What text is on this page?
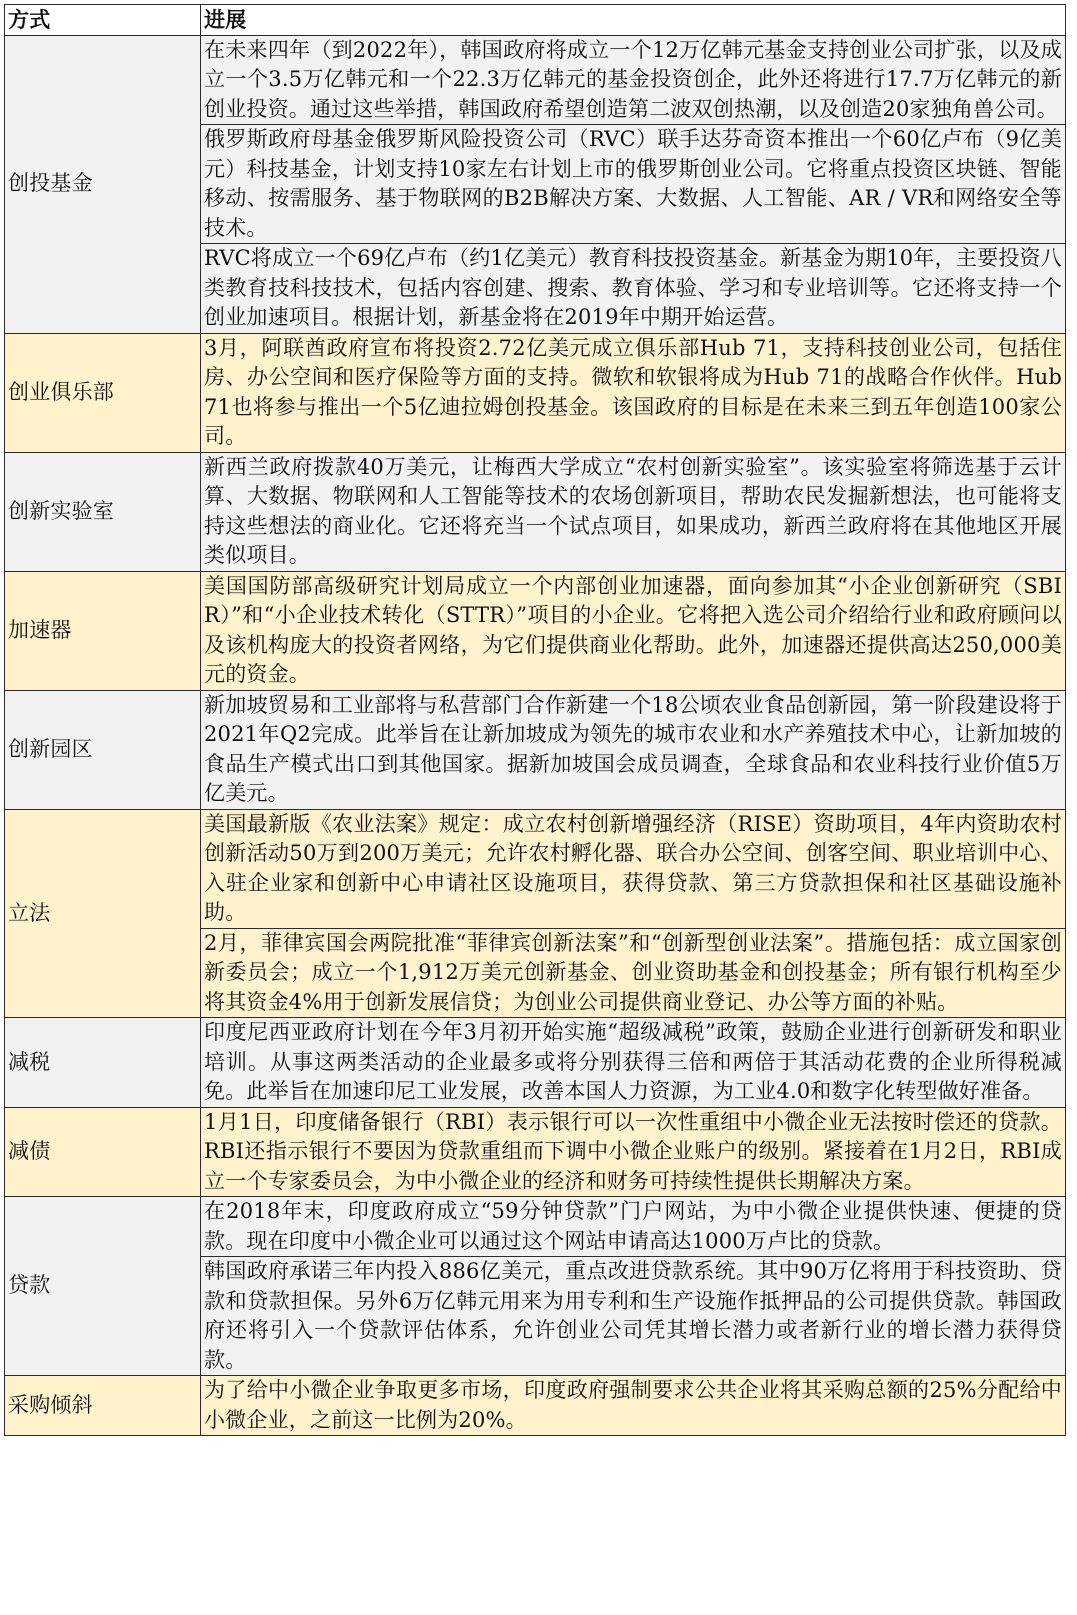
方式	进展
创投基金	在未来四年（到2022年），韩国政府将成立一个12万亿韩元基金支持创业公司扩张，以及成立一个3.5万亿韩元和一个22.3万亿韩元的基金投资创企，此外还将进行17.7万亿韩元的新创业投资。通过这些举措，韩国政府希望创造第二波双创热潮，以及创造20家独角兽公司。
	俄罗斯政府母基金俄罗斯风险投资公司（RVC）联手达芬奇资本推出一个60亿卢布（9亿美元）科技基金，计划支持10家左右计划上市的俄罗斯创业公司。它将重点投资区块链、智能移动、按需服务、基于物联网的B2B解决方案、大数据、人工智能、AR / VR和网络安全等技术。
	RVC将成立一个69亿卢布（约1亿美元）教育科技投资基金。新基金为期10年，主要投资八类教育技科技技术，包括内容创建、搜索、教育体验、学习和专业培训等。它还将支持一个创业加速项目。根据计划，新基金将在2019年中期开始运营。
创业俱乐部	3月，阿联酋政府宣布将投资2.72亿美元成立俱乐部Hub 71，支持科技创业公司，包括住房、办公空间和医疗保险等方面的支持。微软和软银将成为Hub 71的战略合作伙伴。Hub 71也将参与推出一个5亿迪拉姆创投基金。该国政府的目标是在未来三到五年创造100家公司。
创新实验室	新西兰政府拨款40万美元，让梅西大学成立“农村创新实验室”。该实验室将筛选基于云计算、大数据、物联网和人工智能等技术的农场创新项目，帮助农民发掘新想法，也可能将支持这些想法的商业化。它还将充当一个试点项目，如果成功，新西兰政府将在其他地区开展类似项目。
加速器	美国国防部高级研究计划局成立一个内部创业加速器，面向参加其“小企业创新研究（SBIR）”和“小企业技术转化（STTR）”项目的小企业。它将把入选公司介绍给行业和政府顾问以及该机构庞大的投资者网络，为它们提供商业化帮助。此外，加速器还提供高达250,000美元的资金。
创新园区	新加坡贸易和工业部将与私营部门合作新建一个18公顷农业食品创新园，第一阶段建设将于2021年Q2完成。此举旨在让新加坡成为领先的城市农业和水产养殖技术中心，让新加坡的食品生产模式出口到其他国家。据新加坡国会成员调查，全球食品和农业科技行业价值5万亿美元。
立法	美国最新版《农业法案》规定：成立农村创新增强经济（RISE）资助项目，4年内资助农村创新活动50万到200万美元；允许农村孵化器、联合办公空间、创客空间、职业培训中心、入驻企业家和创新中心申请社区设施项目，获得贷款、第三方贷款担保和社区基础设施补助。
	2月，菲律宾国会两院批准“菲律宾创新法案”和“创新型创业法案”。措施包括：成立国家创新委员会；成立一个1,912万美元创新基金、创业资助基金和创投基金；所有银行机构至少将其资金4%用于创新发展信贷；为创业公司提供商业登记、办公等方面的补贴。
减税	印度尼西亚政府计划在今年3月初开始实施“超级减税”政策，鼓励企业进行创新研发和职业培训。从事这两类活动的企业最多或将分别获得三倍和两倍于其活动花费的企业所得税减免。此举旨在加速印尼工业发展，改善本国人力资源，为工业4.0和数字化转型做好准备。
减债	1月1日，印度储备银行（RBI）表示银行可以一次性重组中小微企业无法按时偿还的贷款。RBI还指示银行不要因为贷款重组而下调中小微企业账户的级别。紧接着在1月2日，RBI成立一个专家委员会，为中小微企业的经济和财务可持续性提供长期解决方案。
贷款	在2018年末，印度政府成立“59分钟贷款”门户网站，为中小微企业提供快速、便捷的贷款。现在印度中小微企业可以通过这个网站申请高达1000万卢比的贷款。
	韩国政府承诺三年内投入886亿美元，重点改进贷款系统。其中90万亿将用于科技资助、贷款和贷款担保。另外6万亿韩元用来为用专利和生产设施作抵押品的公司提供贷款。韩国政府还将引入一个贷款评估体系，允许创业公司凭其增长潜力或者新行业的增长潜力获得贷款。
采购倾斜	为了给中小微企业争取更多市场，印度政府强制要求公共企业将其采购总额的25%分配给中小微企业，之前这一比例为20%。
